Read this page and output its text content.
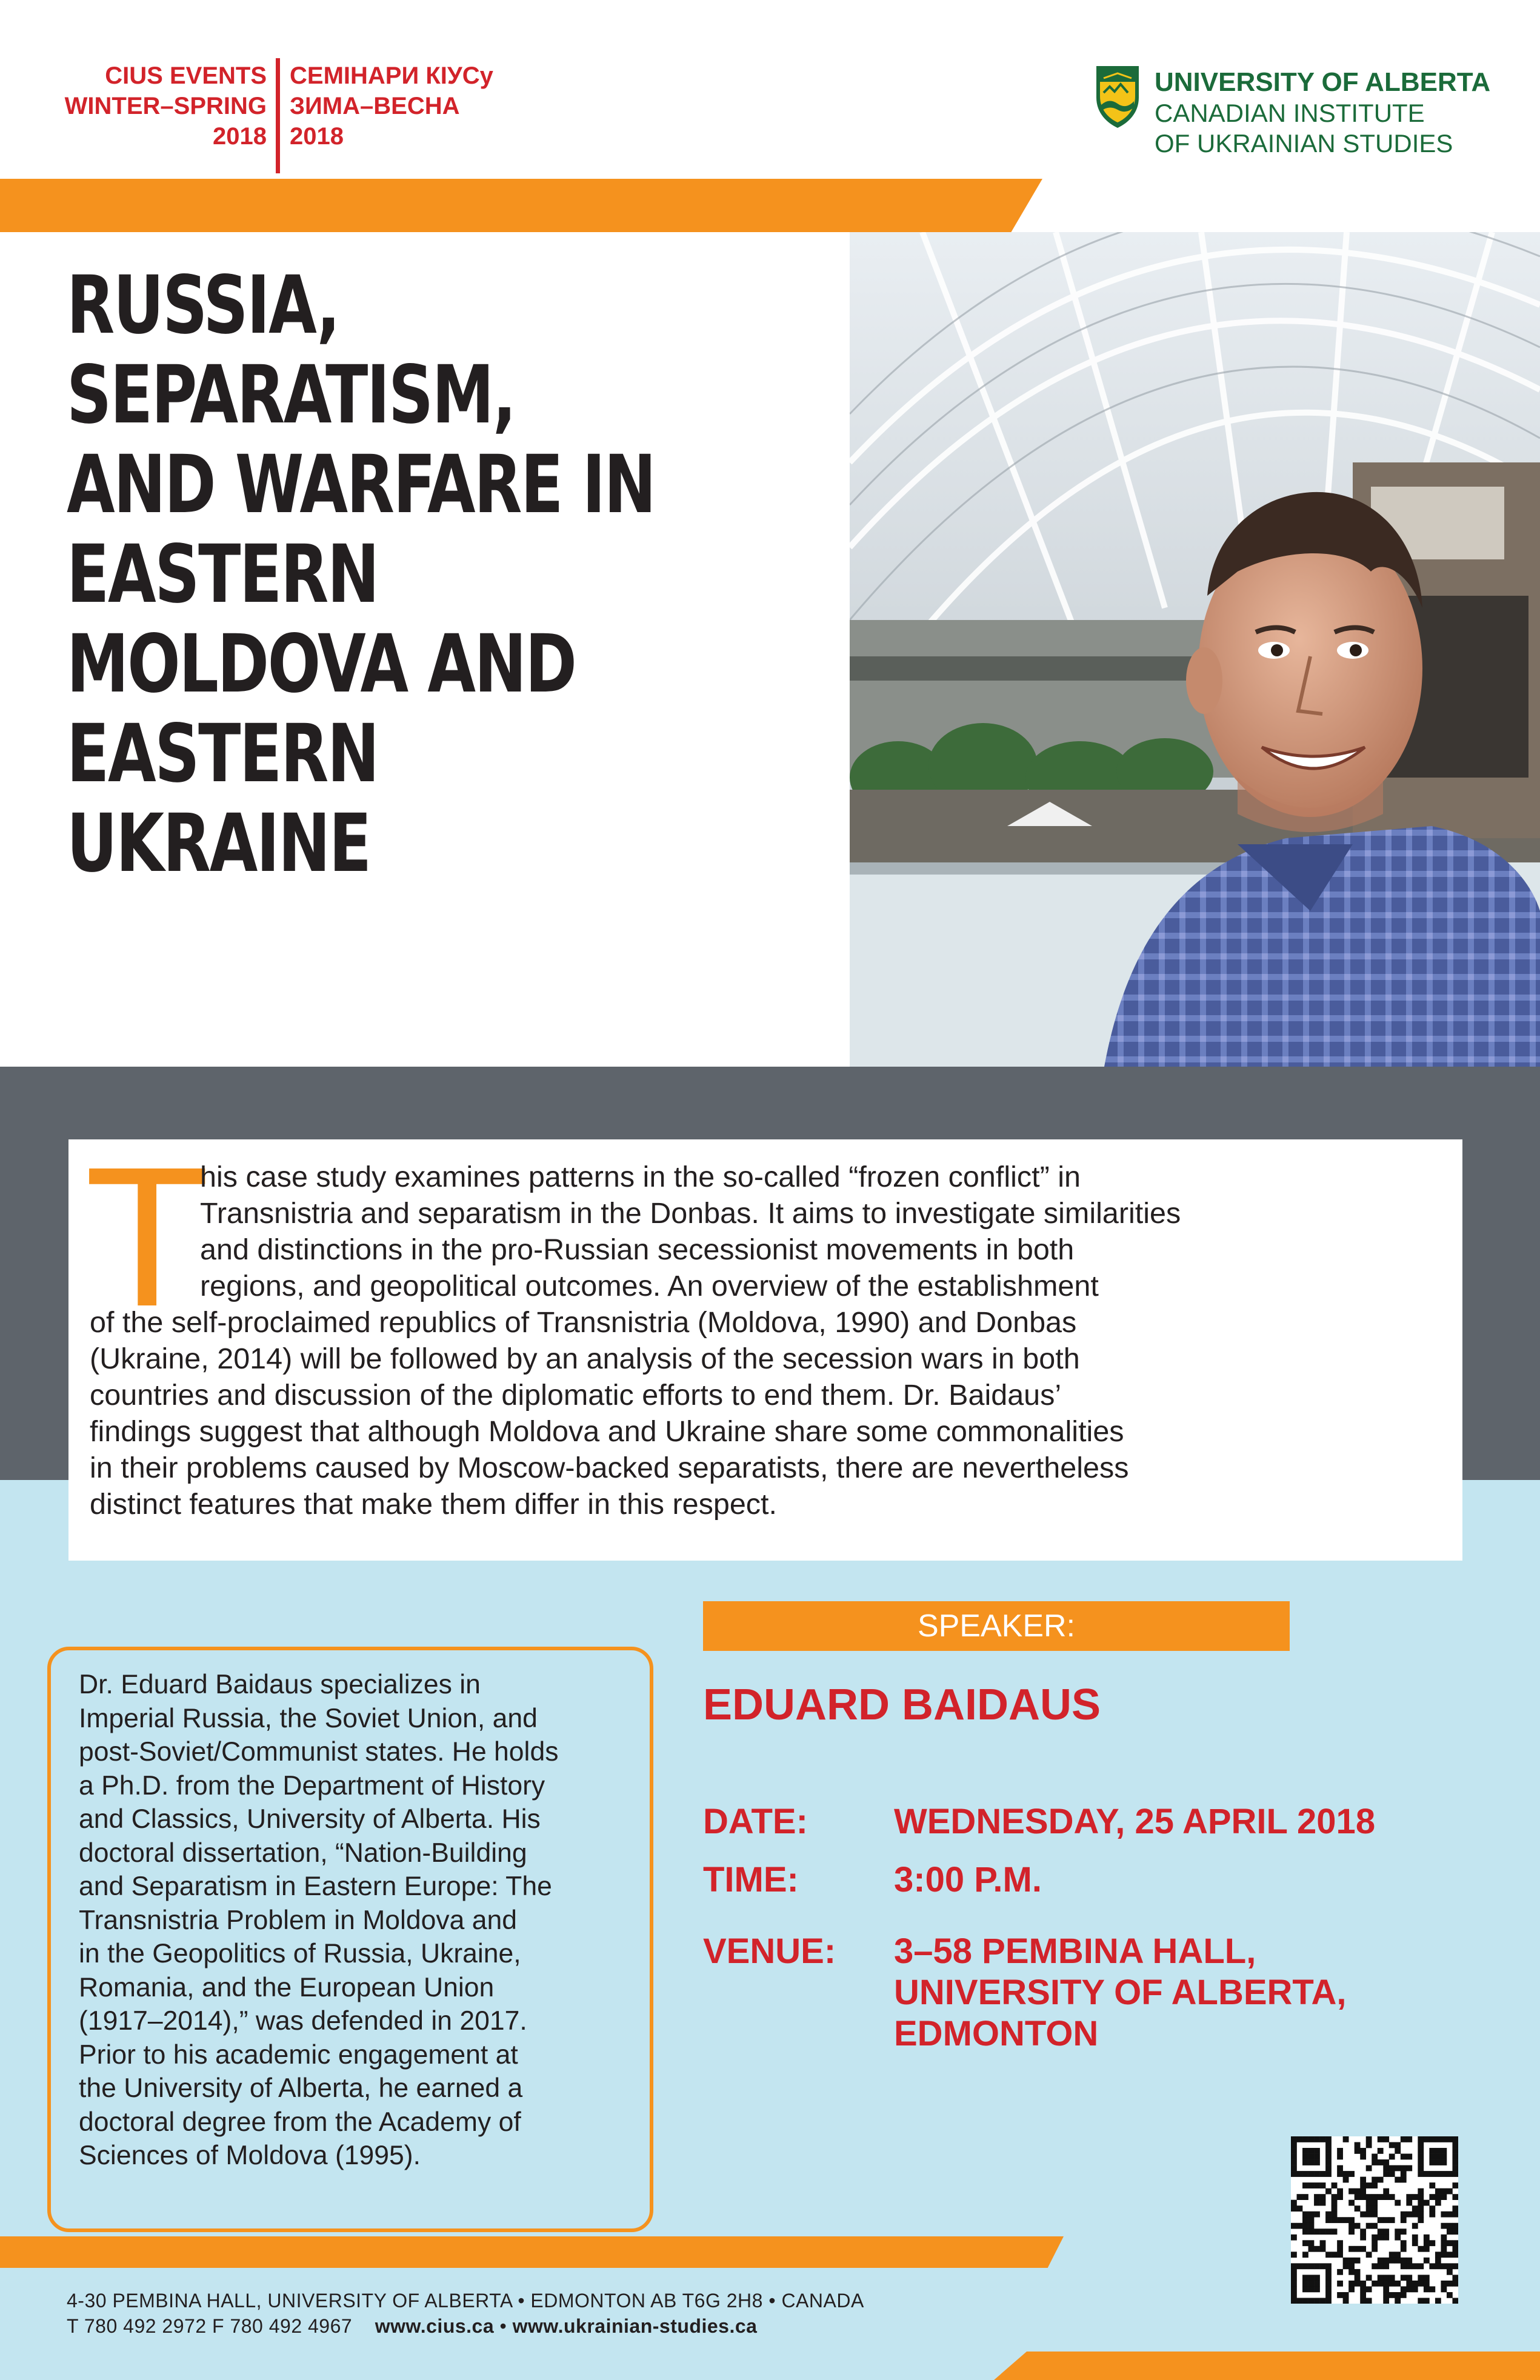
CIUS EVENTS
WINTER–SPRING
2018
СЕМІНАРИ КІУСу
ЗИМА–ВЕСНА
2018
UNIVERSITY OF ALBERTA
CANADIAN INSTITUTE
OF UKRAINIAN STUDIES
RUSSIA,
SEPARATISM,
AND WARFARE IN
EASTERN
MOLDOVA AND
EASTERN
UKRAINE
T
his case study examines patterns in the so-called “frozen conflict” in
Transnistria and separatism in the Donbas. It aims to investigate similarities
and distinctions in the pro-Russian secessionist movements in both
regions, and geopolitical outcomes. An overview of the establishment
of the self-proclaimed republics of Transnistria (Moldova, 1990) and Donbas
(Ukraine, 2014) will be followed by an analysis of the secession wars in both
countries and discussion of the diplomatic efforts to end them. Dr. Baidaus’
findings suggest that although Moldova and Ukraine share some commonalities
in their problems caused by Moscow-backed separatists, there are nevertheless
distinct features that make them differ in this respect.
SPEAKER:
EDUARD BAIDAUS
DATE: WEDNESDAY, 25 APRIL 2018
TIME:	3:00 P.M.
VENUE: 3–58 PEMBINA HALL,
UNIVERSITY OF ALBERTA,
EDMONTON
Dr. Eduard Baidaus specializes in
Imperial Russia, the Soviet Union, and
post-Soviet/Communist states. He holds
a Ph.D. from the Department of History
and Classics, University of Alberta. His
doctoral dissertation, “Nation-Building
and Separatism in Eastern Europe: The
Transnistria Problem in Moldova and
in the Geopolitics of Russia, Ukraine,
Romania, and the European Union
(1917–2014),” was defended in 2017.
Prior to his academic engagement at
the University of Alberta, he earned a
doctoral degree from the Academy of
Sciences of Moldova (1995).
4-30 PEMBINA HALL, UNIVERSITY OF ALBERTA • EDMONTON AB T6G 2H8 • CANADA
T 780 492 2972 F 780 492 4967 www.cius.ca • www.ukrainian-studies.ca
